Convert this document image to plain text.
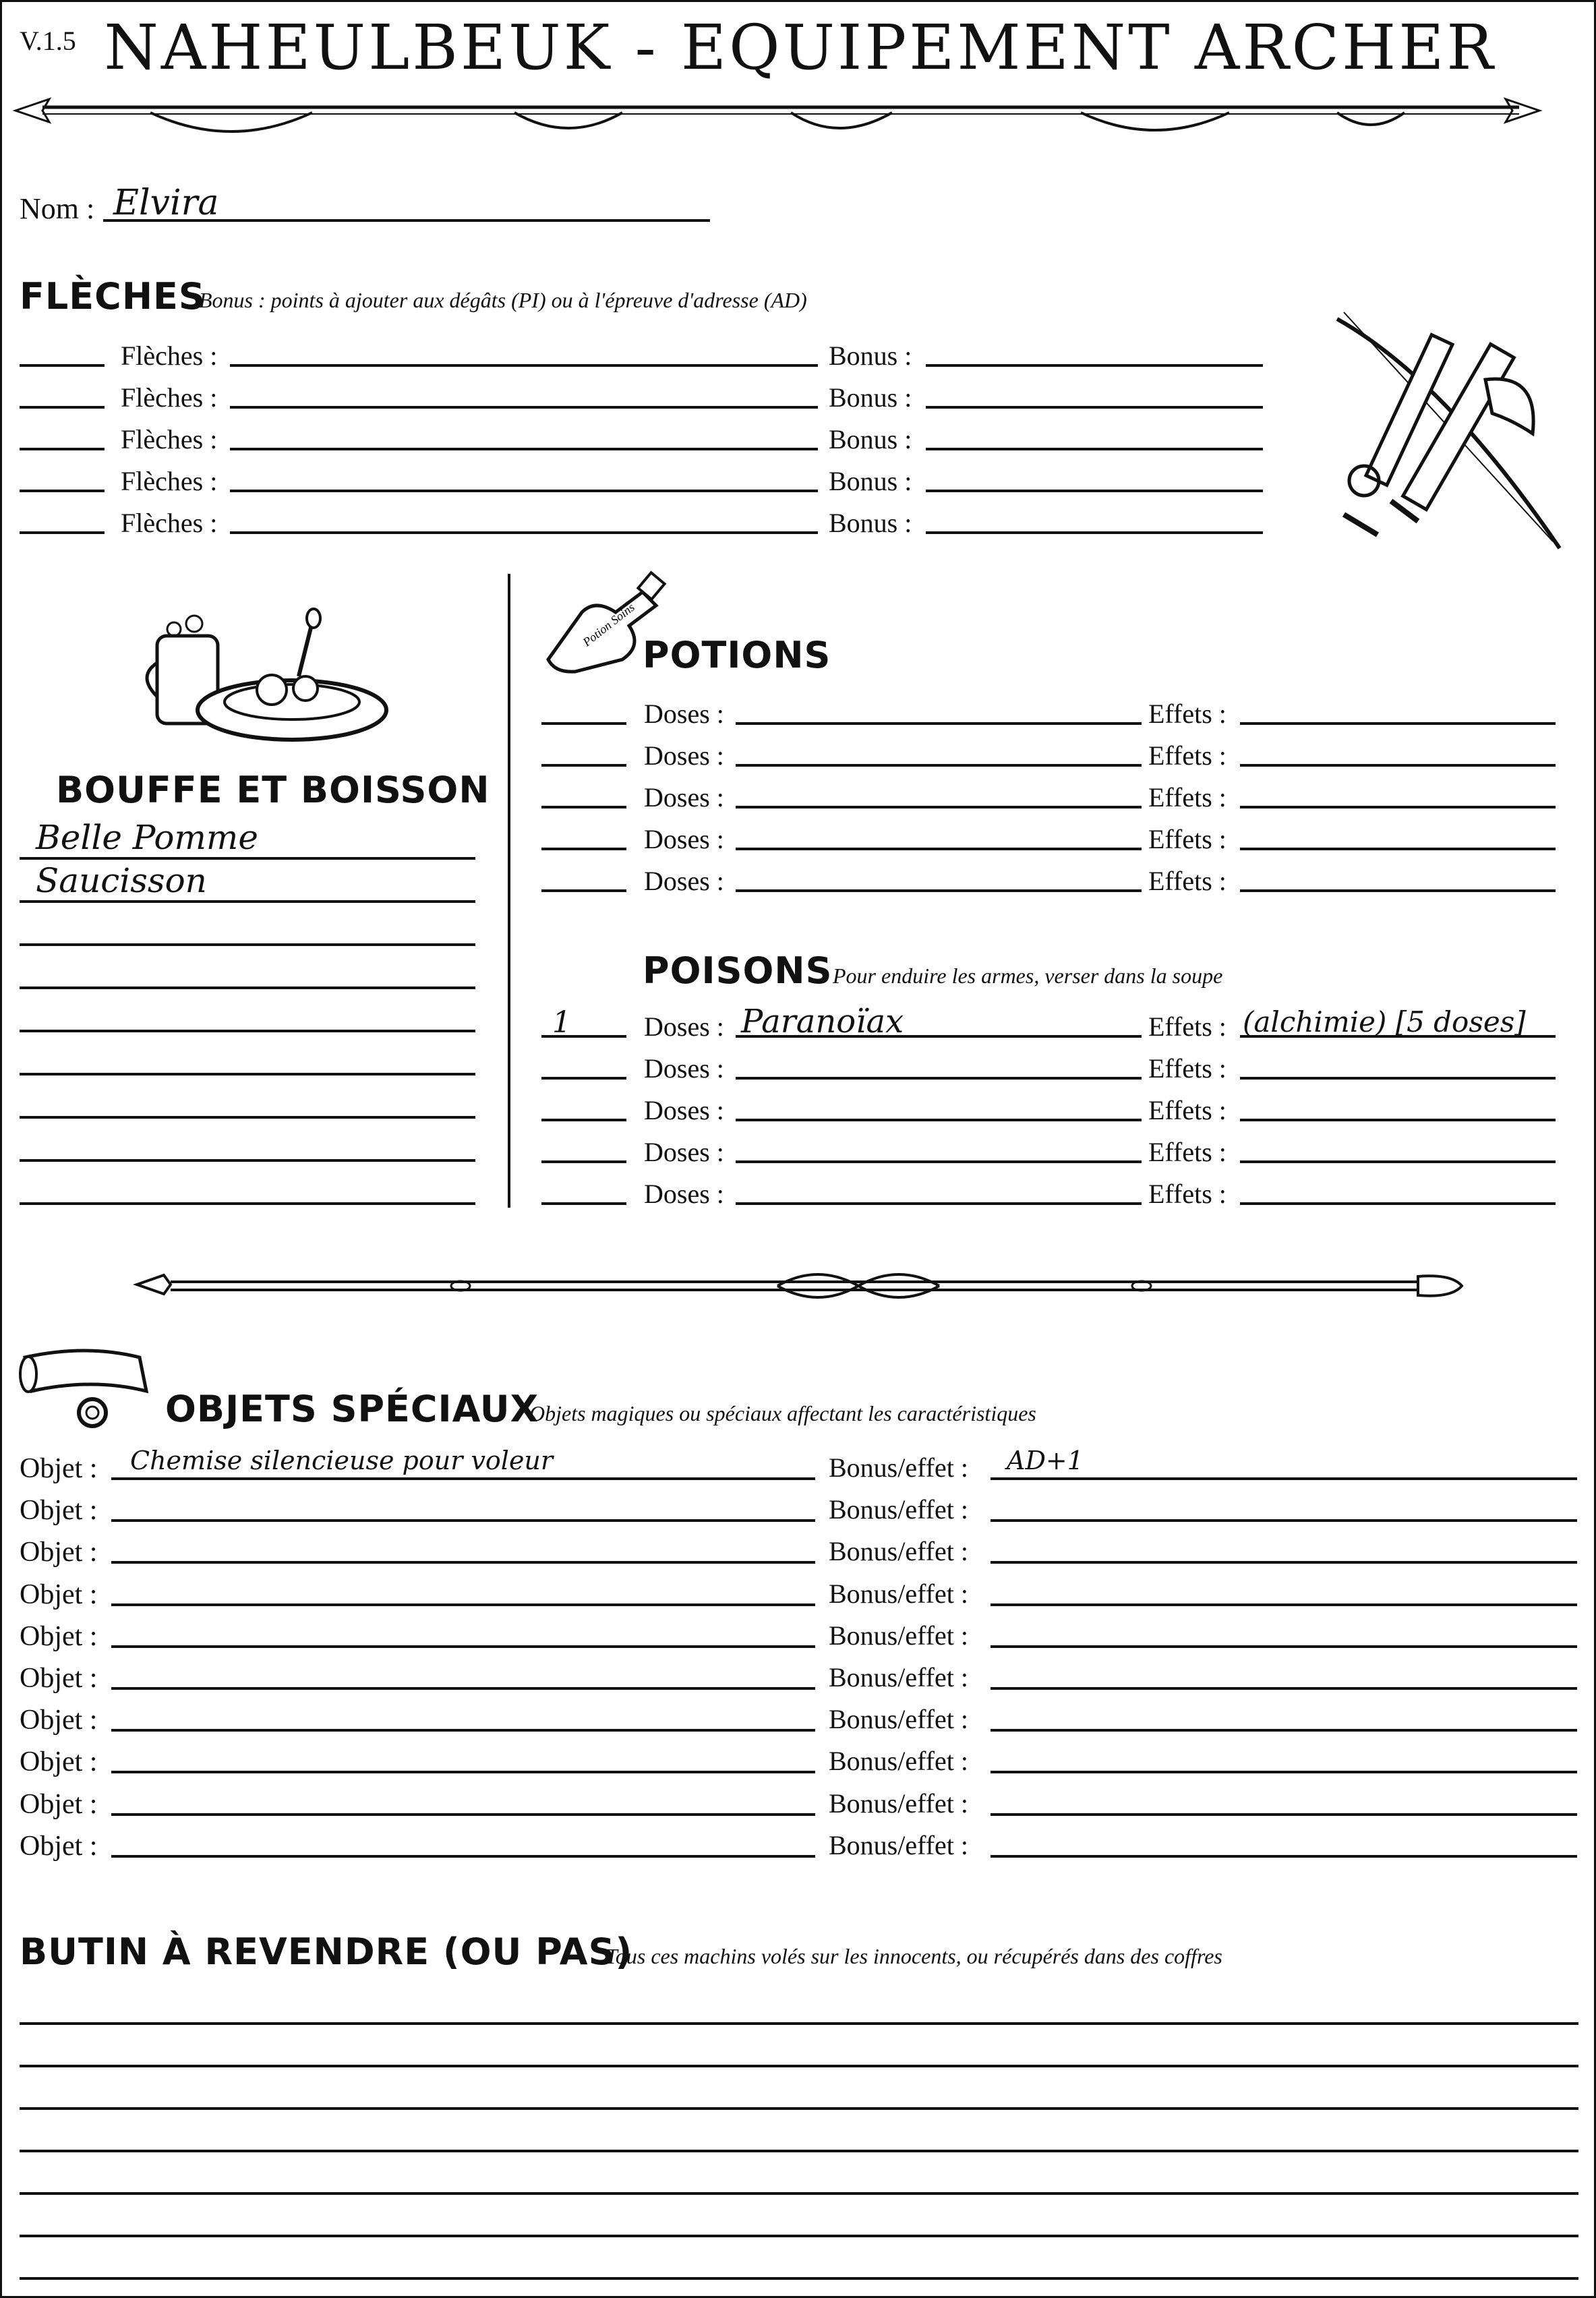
V.1.5 NAHEULBEUK - EQUIPEMENT ARCHER
Nom : Elvira
FLÈCHES
Bonus : points à ajouter aux dégâts (PI) ou à l'épreuve d'adresse (AD)
Flèches :	Bonus :
Flèches :	Bonus :
Flèches :	Bonus :
Flèches :	Bonus :
Flèches :	Bonus :
BOUFFE ET BOISSON
Belle Pomme
Saucisson
Potion Soins
POTIONS
Doses :	Effets :
Doses :	Effets :
Doses :	Effets :
Doses :	Effets :
Doses :	Effets :
POISONS Pour enduire les armes, verser dans la soupe
1	Doses : Paranoïax	Effets : (alchimie) [5 doses]
Doses :	Effets :
Doses :	Effets :
Doses :	Effets :
Doses :	Effets :
OBJETS SPÉCIAUX
Objets magiques ou spéciaux affectant les caractéristiques
Objet : Chemise silencieuse pour voleur	Bonus/effet : AD+1
Objet :	Bonus/effet :
Objet :	Bonus/effet :
Objet :	Bonus/effet :
Objet :	Bonus/effet :
Objet :	Bonus/effet :
Objet :	Bonus/effet :
Objet :	Bonus/effet :
Objet :	Bonus/effet :
Objet :	Bonus/effet :
BUTIN À REVENDRE (OU PAS)
Tous ces machins volés sur les innocents, ou récupérés dans des coffres
